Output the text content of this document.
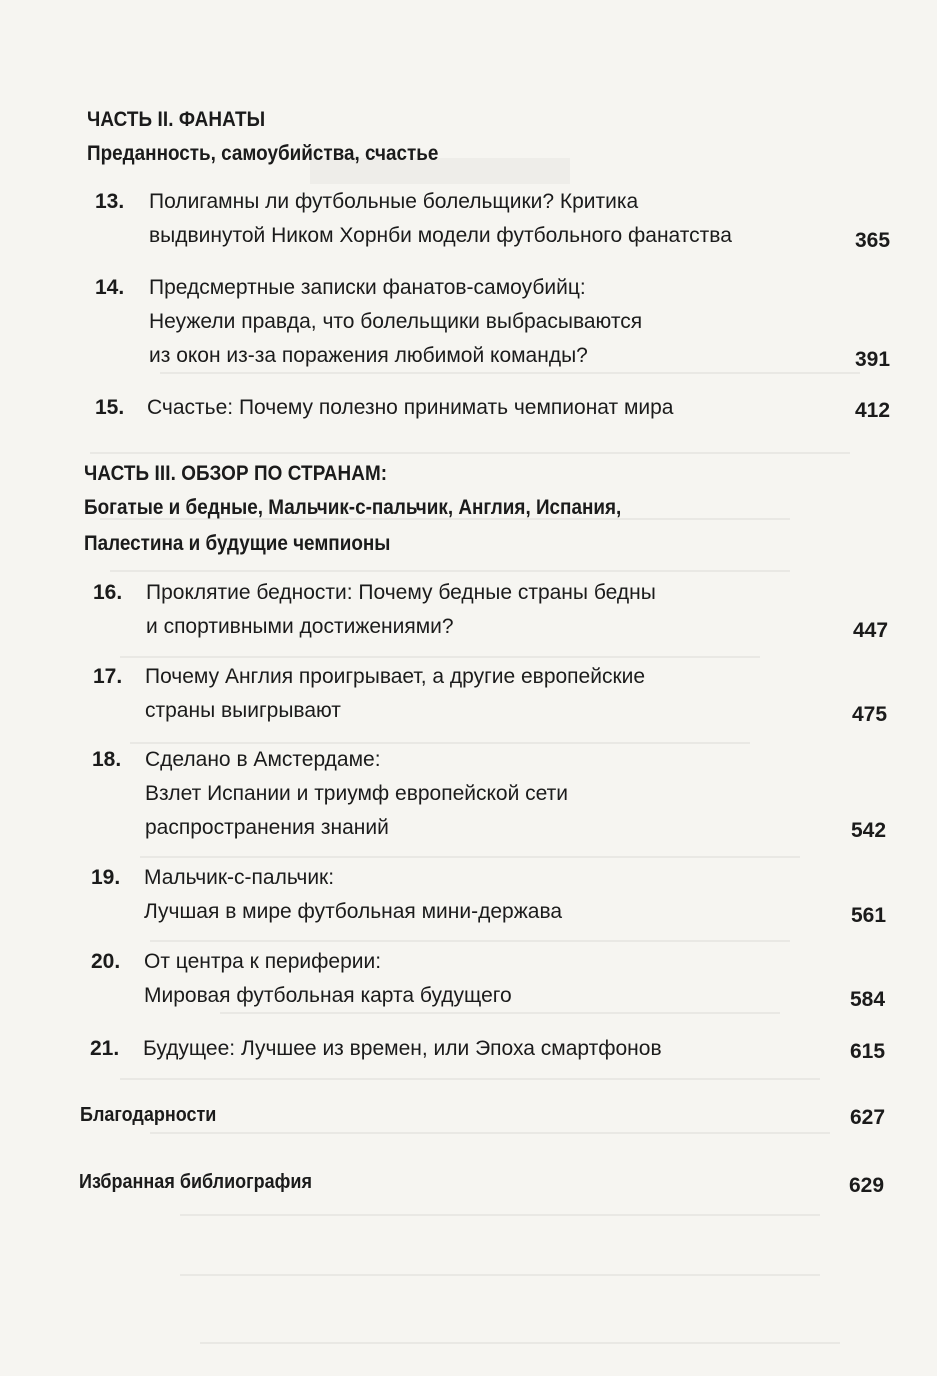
ЧАСТЬ II. ФАНАТЫ
Преданность, самоубийства, счастье
13. Полигамны ли футбольные болельщики? Критика
выдвинутой Ником Хорнби модели футбольного фанатства	365
14. Предсмертные записки фанатов-самоубийц:
Неужели правда, что болельщики выбрасываются
из окон из-за поражения любимой команды?	391
15. Счастье: Почему полезно принимать чемпионат мира	412
ЧАСТЬ III. ОБЗОР ПО СТРАНАМ:
Богатые и бедные, Мальчик-с-пальчик, Англия, Испания,
Палестина и будущие чемпионы
16. Проклятие бедности: Почему бедные страны бедны
и спортивными достижениями?	447
17. Почему Англия проигрывает, а другие европейские
страны выигрывают	475
18. Сделано в Амстердаме:
Взлет Испании и триумф европейской сети
распространения знаний	542
19. Мальчик-с-пальчик:
Лучшая в мире футбольная мини-держава	561
20. От центра к периферии:
Мировая футбольная карта будущего	584
21. Будущее: Лучшее из времен, или Эпоха смартфонов	615
Благодарности	627
Избранная библиография	629
